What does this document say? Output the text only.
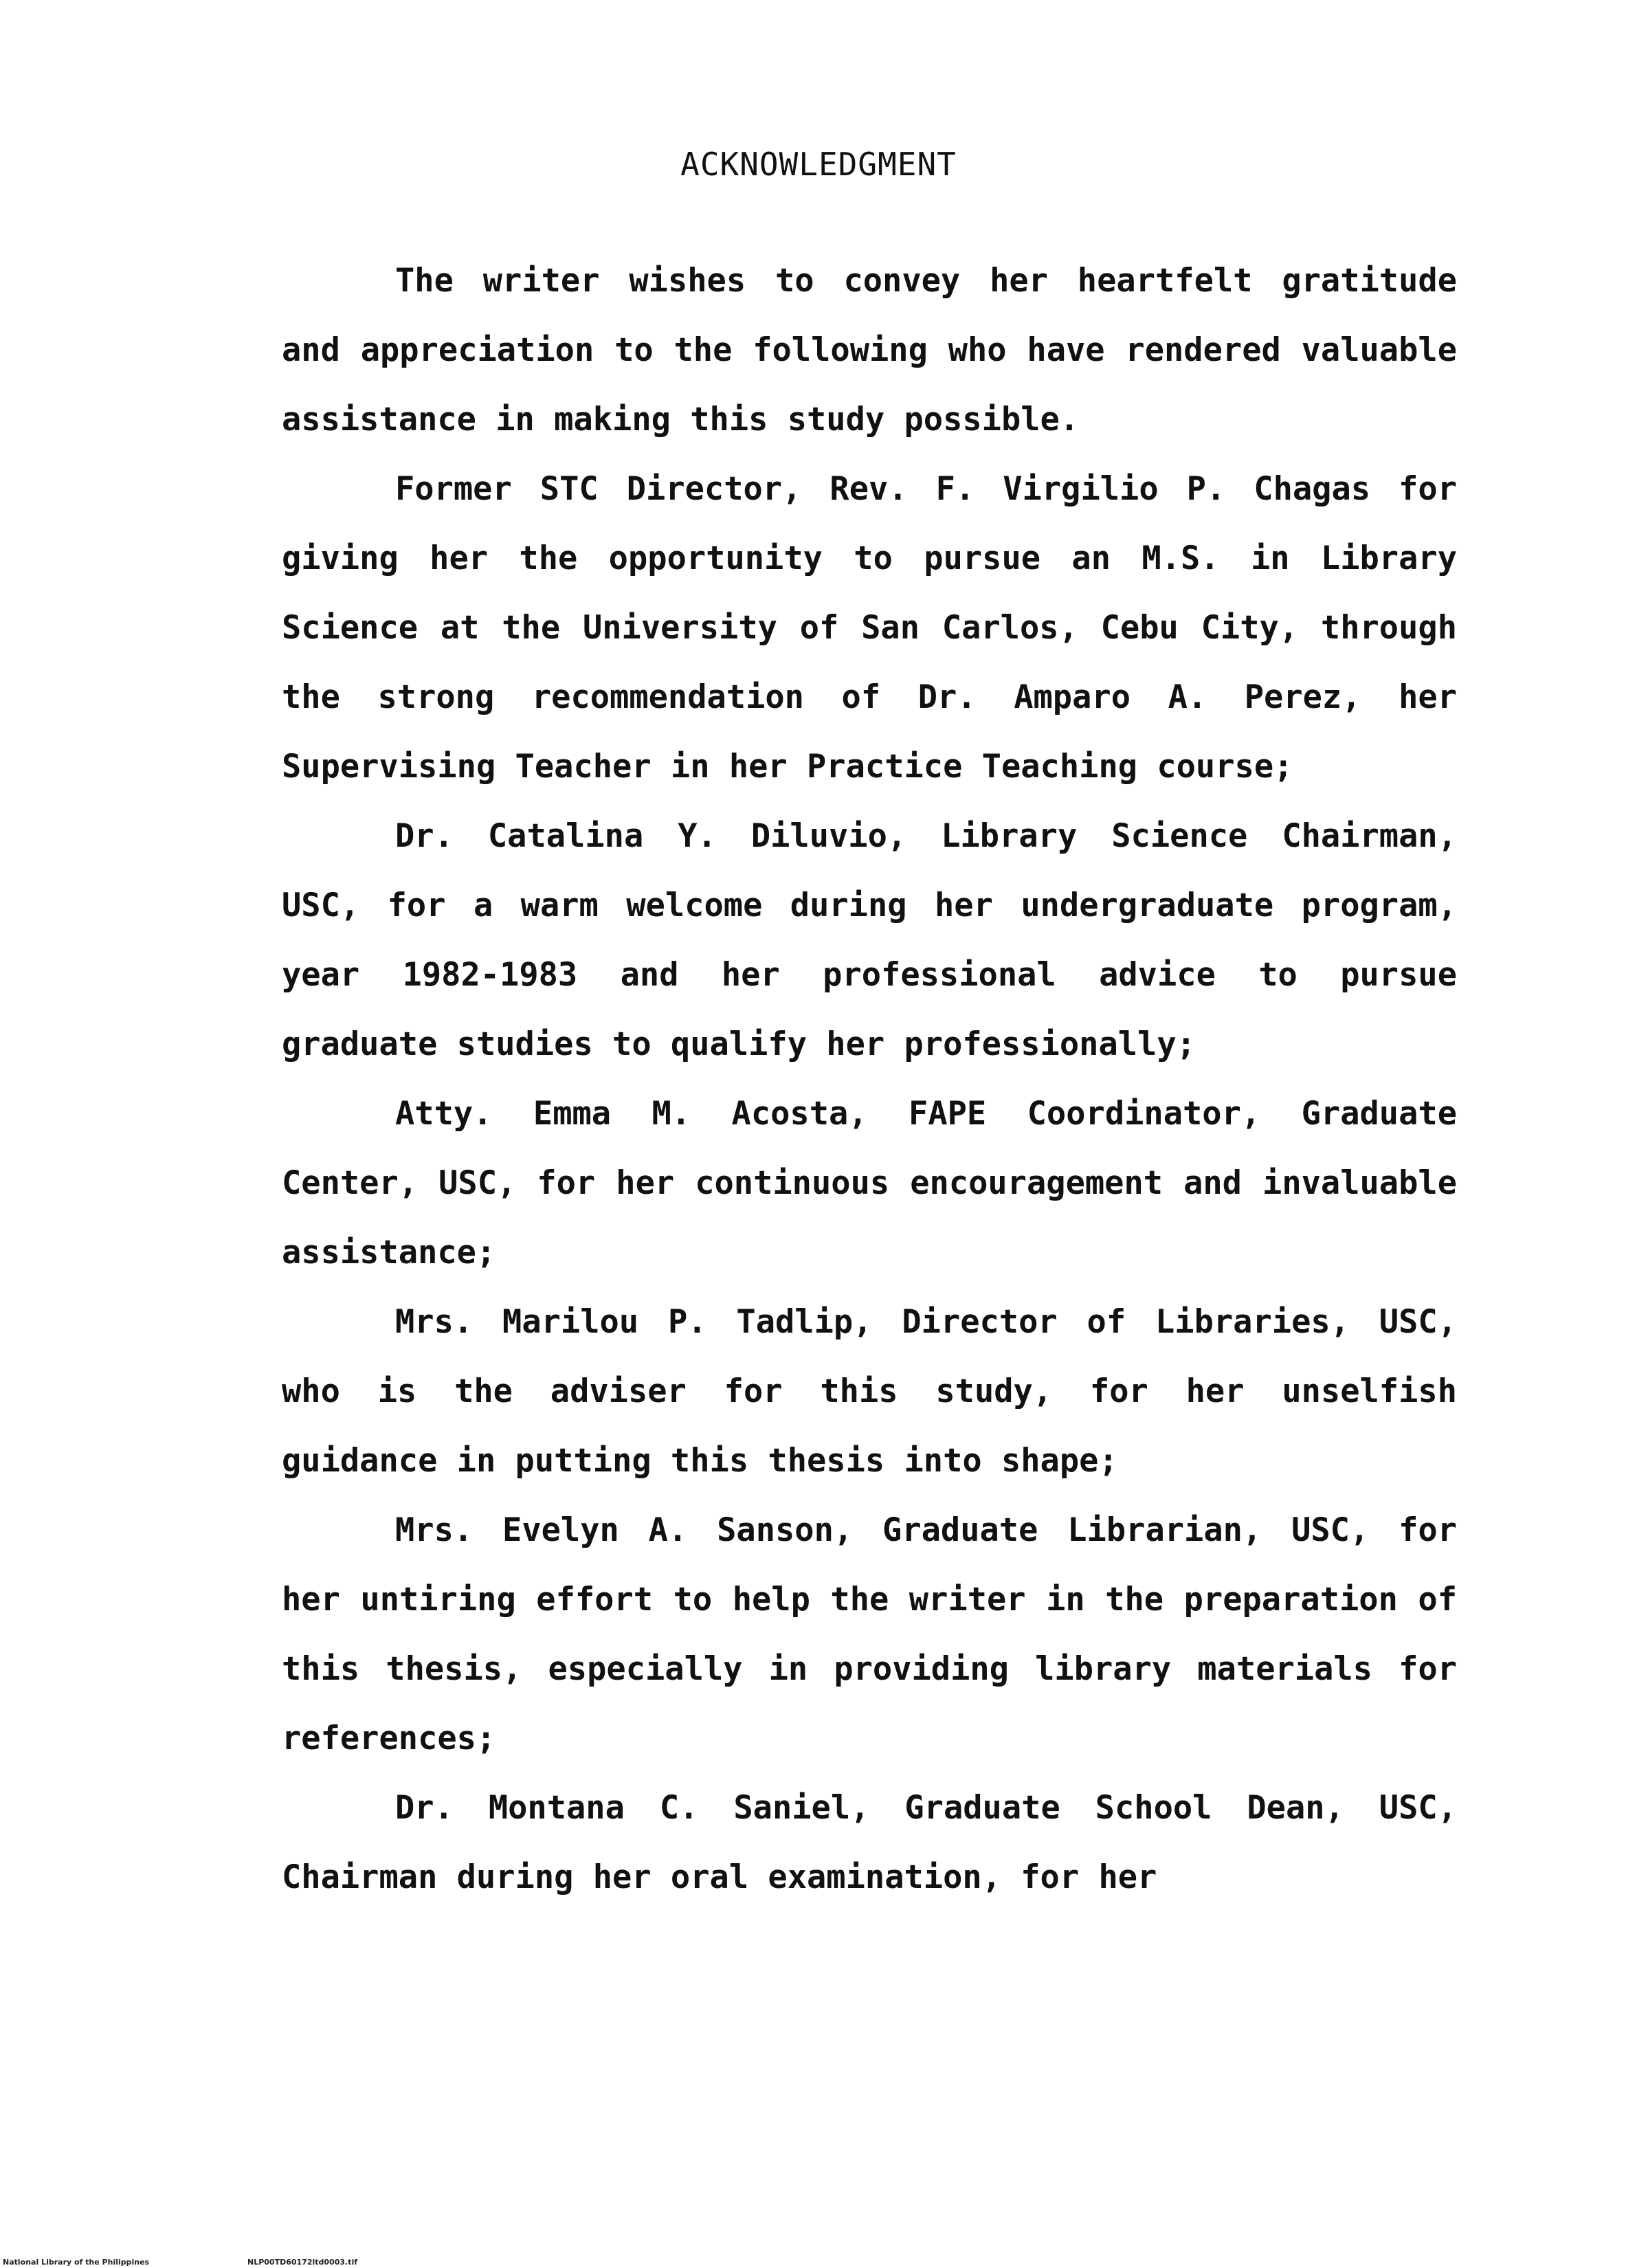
ACKNOWLEDGMENT

The writer wishes to convey her heartfelt gratitude and appreciation to the following who have rendered valuable assistance in making this study possible.

Former STC Director, Rev. F. Virgilio P. Chagas for giving her the opportunity to pursue an M.S. in Library Science at the University of San Carlos, Cebu City, through the strong recommendation of Dr. Amparo A. Perez, her Supervising Teacher in her Practice Teaching course;

Dr. Catalina Y. Diluvio, Library Science Chairman, USC, for a warm welcome during her undergraduate program, year 1982-1983 and her professional advice to pursue graduate studies to qualify her professionally;

Atty. Emma M. Acosta, FAPE Coordinator, Graduate Center, USC, for her continuous encouragement and invaluable assistance;

Mrs. Marilou P. Tadlip, Director of Libraries, USC, who is the adviser for this study, for her unselfish guidance in putting this thesis into shape;

Mrs. Evelyn A. Sanson, Graduate Librarian, USC, for her untiring effort to help the writer in the preparation of this thesis, especially in providing library materials for references;

Dr. Montana C. Saniel, Graduate School Dean, USC, Chairman during her oral examination, for her

National Library of the Philippines	NLP00TD60172ltd0003.tif
